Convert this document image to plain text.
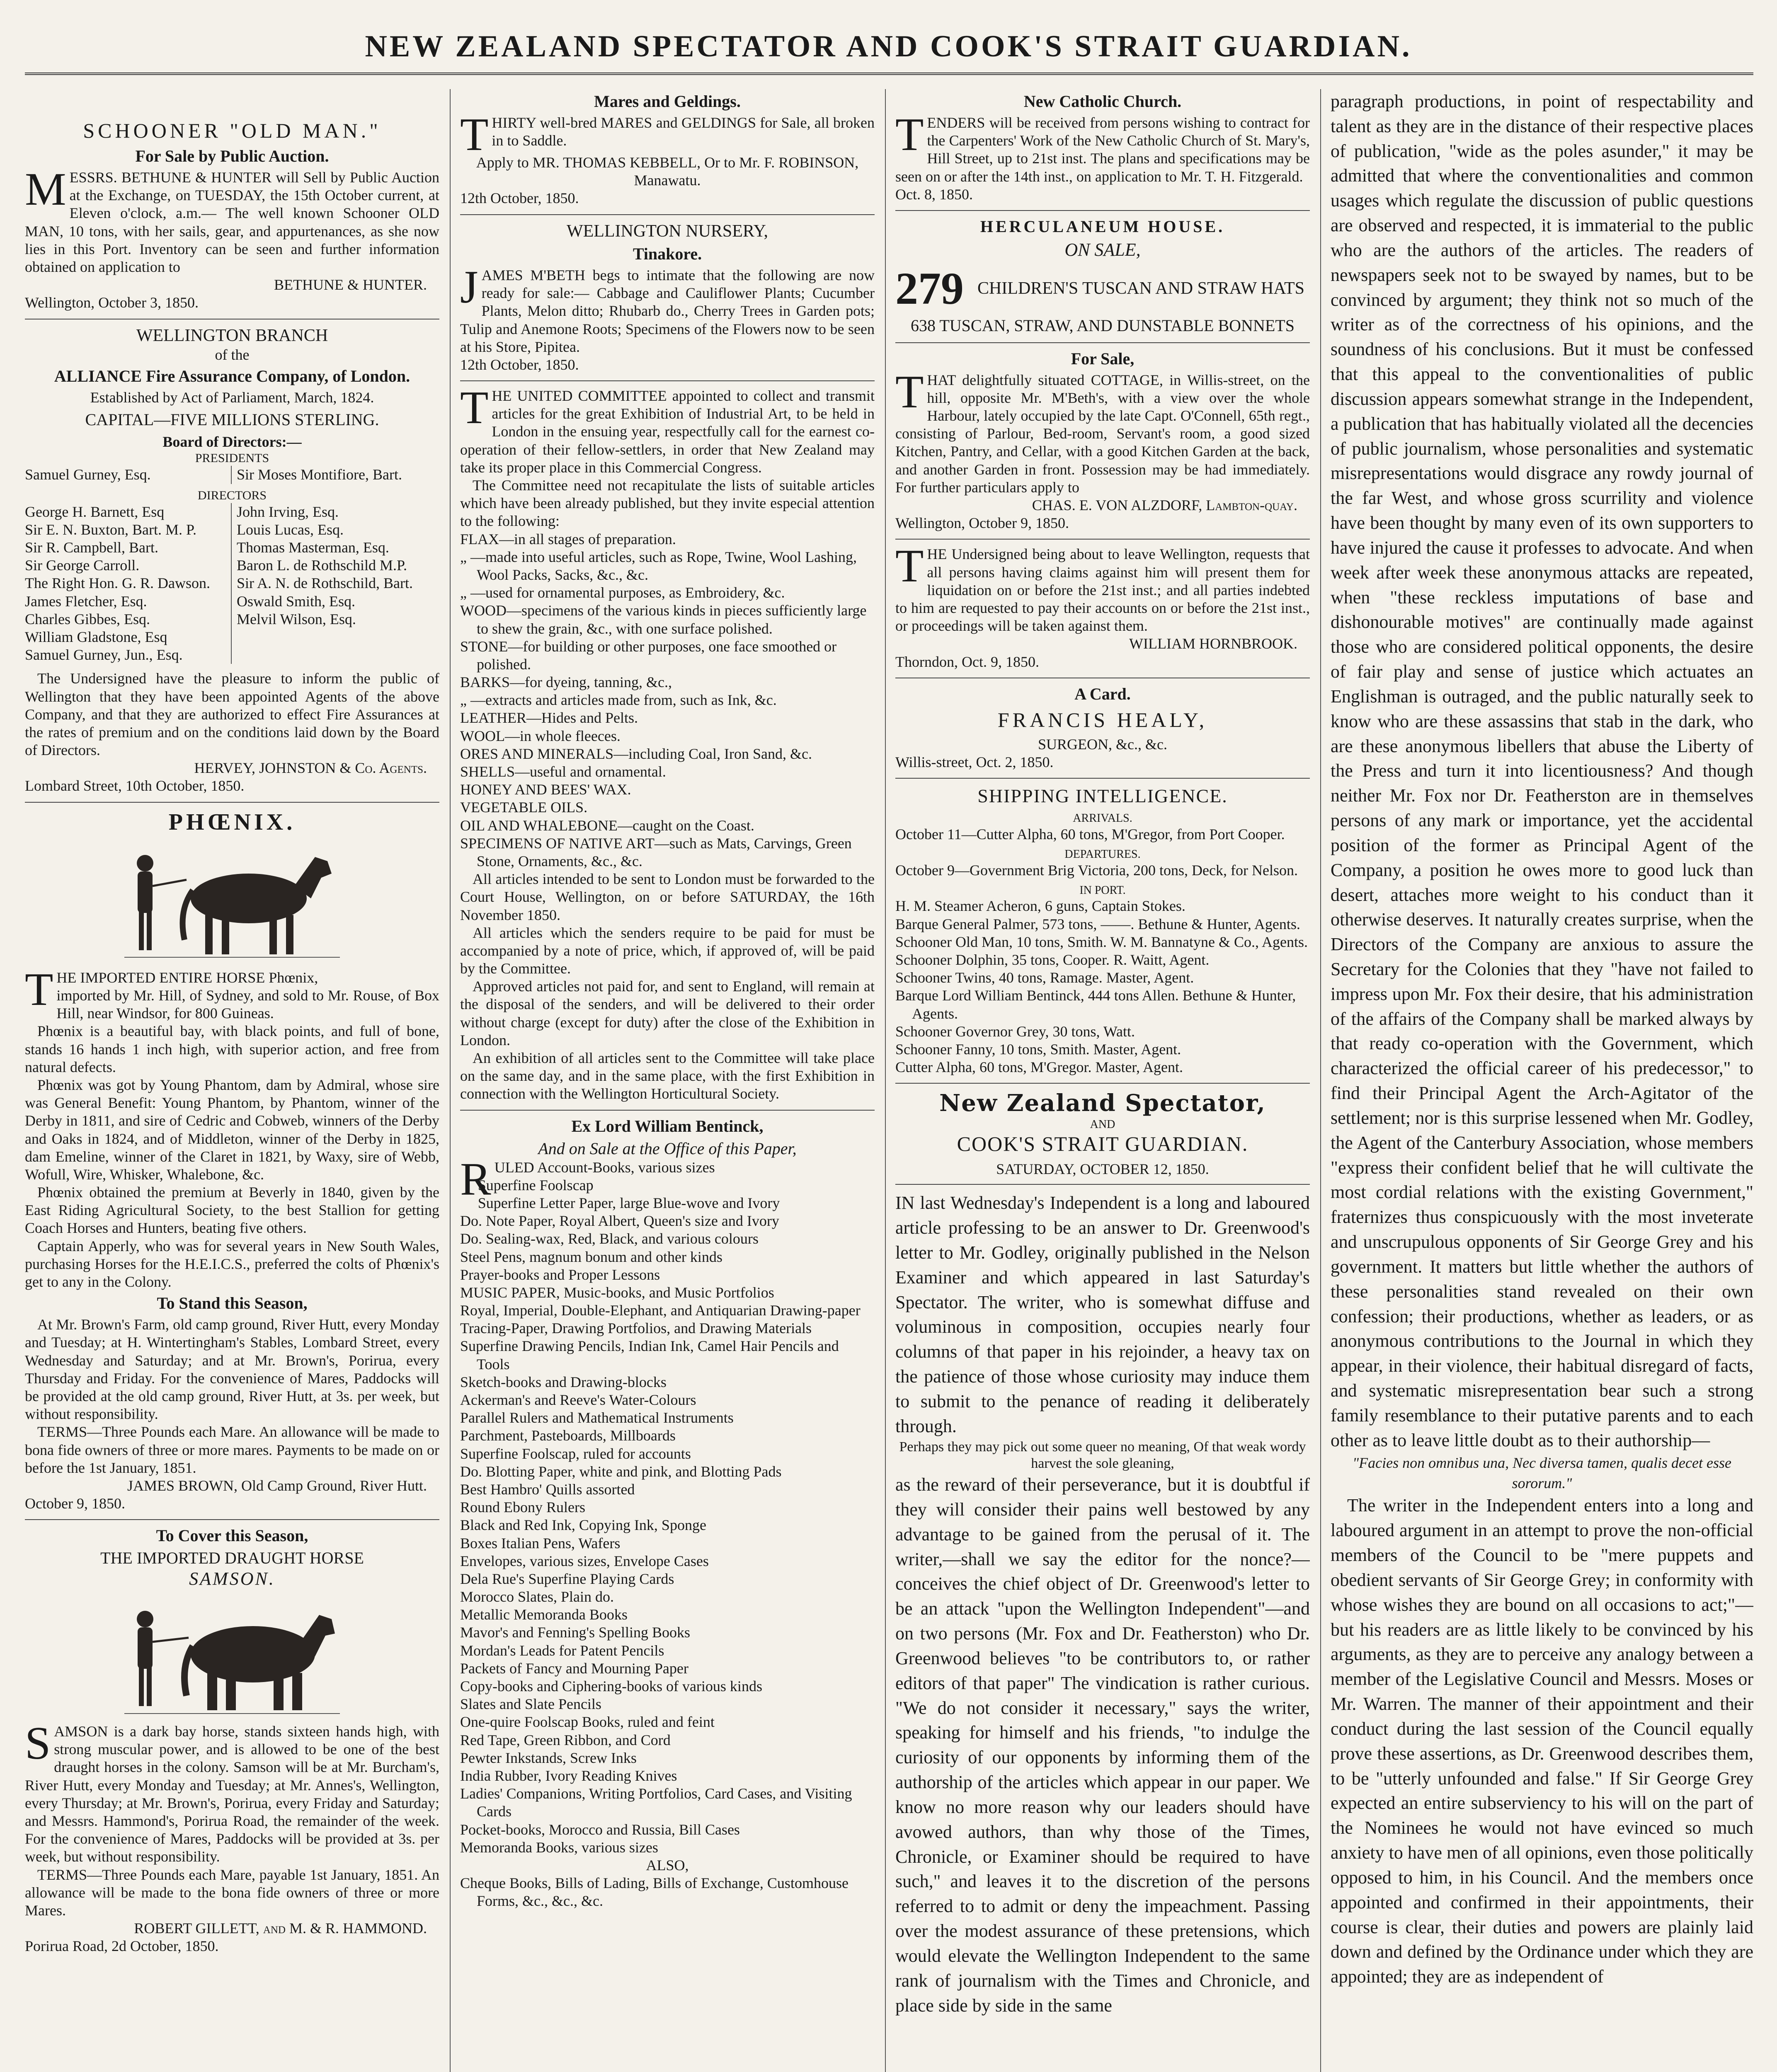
NEW ZEALAND SPECTATOR AND COOK'S STRAIT GUARDIAN.
SCHOONER "OLD MAN."
For Sale by Public Auction.
MESSRS. BETHUNE & HUNTER will Sell by Public Auction at the Exchange, on TUESDAY, the 15th October current, at Eleven o'clock, a.m.— The well known Schooner OLD MAN, 10 tons, with her sails, gear, and appurtenances, as she now lies in this Port. Inventory can be seen and further information obtained on application to
BETHUNE & HUNTER.
Wellington, October 3, 1850.
WELLINGTON BRANCH
of the
ALLIANCE Fire Assurance Company, of London.
Established by Act of Parliament, March, 1824.
CAPITAL—FIVE MILLIONS STERLING.
Board of Directors:—
PRESIDENTS
Samuel Gurney, Esq.	Sir Moses Montifiore, Bart.
DIRECTORS
George H. Barnett, Esq
Sir E. N. Buxton, Bart. M. P.
Sir R. Campbell, Bart.
Sir George Carroll.
The Right Hon. G. R. Dawson.
James Fletcher, Esq.
Charles Gibbes, Esq.
William Gladstone, Esq
Samuel Gurney, Jun., Esq.
John Irving, Esq.
Louis Lucas, Esq.
Thomas Masterman, Esq.
Baron L. de Rothschild M.P.
Sir A. N. de Rothschild, Bart.
Oswald Smith, Esq.
Melvil Wilson, Esq.
The Undersigned have the pleasure to inform the public of Wellington that they have been appointed Agents of the above Company, and that they are authorized to effect Fire Assurances at the rates of premium and on the conditions laid down by the Board of Directors.
HERVEY, JOHNSTON & Co. Agents.
Lombard Street, 10th October, 1850.
PHŒNIX.
THE IMPORTED ENTIRE HORSE Phœnix,
imported by Mr. Hill, of Sydney, and sold to Mr. Rouse, of Box Hill, near Windsor, for 800 Guineas.
Phœnix is a beautiful bay, with black points, and full of bone, stands 16 hands 1 inch high, with superior action, and free from natural defects.
Phœnix was got by Young Phantom, dam by Admiral, whose sire was General Benefit: Young Phantom, by Phantom, winner of the Derby in 1811, and sire of Cedric and Cobweb, winners of the Derby and Oaks in 1824, and of Middleton, winner of the Derby in 1825, dam Emeline, winner of the Claret in 1821, by Waxy, sire of Webb, Wofull, Wire, Whisker, Whalebone, &c.
Phœnix obtained the premium at Beverly in 1840, given by the East Riding Agricultural Society, to the best Stallion for getting Coach Horses and Hunters, beating five others.
Captain Apperly, who was for several years in New South Wales, purchasing Horses for the H.E.I.C.S., preferred the colts of Phœnix's get to any in the Colony.
To Stand this Season,
At Mr. Brown's Farm, old camp ground, River Hutt, every Monday and Tuesday; at H. Wintertingham's Stables, Lombard Street, every Wednesday and Saturday; and at Mr. Brown's, Porirua, every Thursday and Friday. For the convenience of Mares, Paddocks will be provided at the old camp ground, River Hutt, at 3s. per week, but without responsibility.
TERMS—Three Pounds each Mare. An allowance will be made to bona fide owners of three or more mares. Payments to be made on or before the 1st January, 1851.
JAMES BROWN, Old Camp Ground, River Hutt.
October 9, 1850.
To Cover this Season,
THE IMPORTED DRAUGHT HORSE
SAMSON.
SAMSON is a dark bay horse, stands sixteen hands high, with strong muscular power, and is allowed to be one of the best draught horses in the colony. Samson will be at Mr. Burcham's, River Hutt, every Monday and Tuesday; at Mr. Annes's, Wellington, every Thursday; at Mr. Brown's, Porirua, every Friday and Saturday; and Messrs. Hammond's, Porirua Road, the remainder of the week. For the convenience of Mares, Paddocks will be provided at 3s. per week, but without responsibility.
TERMS—Three Pounds each Mare, payable 1st January, 1851. An allowance will be made to the bona fide owners of three or more Mares.
ROBERT GILLETT, and M. & R. HAMMOND.
Porirua Road, 2d October, 1850.
Mares and Geldings.
THIRTY well-bred MARES and GELDINGS for Sale, all broken in to Saddle.
Apply to MR. THOMAS KEBBELL, Or to Mr. F. ROBINSON, Manawatu.
12th October, 1850.
WELLINGTON NURSERY,
Tinakore.
JAMES M'BETH begs to intimate that the following are now ready for sale:— Cabbage and Cauliflower Plants; Cucumber Plants, Melon ditto; Rhubarb do., Cherry Trees in Garden pots; Tulip and Anemone Roots; Specimens of the Flowers now to be seen at his Store, Pipitea.
12th October, 1850.
THE UNITED COMMITTEE appointed to collect and transmit articles for the great Exhibition of Industrial Art, to be held in London in the ensuing year, respectfully call for the earnest co-operation of their fellow-settlers, in order that New Zealand may take its proper place in this Commercial Congress.
The Committee need not recapitulate the lists of suitable articles which have been already published, but they invite especial attention to the following:

FLAX—in all stages of preparation.

„ —made into useful articles, such as Rope, Twine, Wool Lashing, Wool Packs, Sacks, &c., &c.

„ —used for ornamental purposes, as Embroidery, &c.

WOOD—specimens of the various kinds in pieces sufficiently large to shew the grain, &c., with one surface polished.

STONE—for building or other purposes, one face smoothed or polished.

BARKS—for dyeing, tanning, &c.,

„ —extracts and articles made from, such as Ink, &c.

LEATHER—Hides and Pelts.

WOOL—in whole fleeces.

ORES AND MINERALS—including Coal, Iron Sand, &c.

SHELLS—useful and ornamental.

HONEY AND BEES' WAX.

VEGETABLE OILS.

OIL AND WHALEBONE—caught on the Coast.

SPECIMENS OF NATIVE ART—such as Mats, Carvings, Green Stone, Ornaments, &c., &c.

All articles intended to be sent to London must be forwarded to the Court House, Wellington, on or before SATURDAY, the 16th November 1850.
All articles which the senders require to be paid for must be accompanied by a note of price, which, if approved of, will be paid by the Committee.
Approved articles not paid for, and sent to England, will remain at the disposal of the senders, and will be delivered to their order without charge (except for duty) after the close of the Exhibition in London.
An exhibition of all articles sent to the Committee will take place on the same day, and in the same place, with the first Exhibition in connection with the Wellington Horticultural Society.
Ex Lord William Bentinck,
And on Sale at the Office of this Paper,
RULED Account-Books, various sizes

Superfine Foolscap

Superfine Letter Paper, large Blue-wove and Ivory

Do. Note Paper, Royal Albert, Queen's size and Ivory

Do. Sealing-wax, Red, Black, and various colours

Steel Pens, magnum bonum and other kinds

Prayer-books and Proper Lessons

MUSIC PAPER, Music-books, and Music Portfolios

Royal, Imperial, Double-Elephant, and Antiquarian Drawing-paper

Tracing-Paper, Drawing Portfolios, and Drawing Materials

Superfine Drawing Pencils, Indian Ink, Camel Hair Pencils and Tools

Sketch-books and Drawing-blocks

Ackerman's and Reeve's Water-Colours

Parallel Rulers and Mathematical Instruments

Parchment, Pasteboards, Millboards

Superfine Foolscap, ruled for accounts

Do. Blotting Paper, white and pink, and Blotting Pads

Best Hambro' Quills assorted

Round Ebony Rulers

Black and Red Ink, Copying Ink, Sponge

Boxes Italian Pens, Wafers

Envelopes, various sizes, Envelope Cases

Dela Rue's Superfine Playing Cards

Morocco Slates, Plain do.

Metallic Memoranda Books

Mavor's and Fenning's Spelling Books

Mordan's Leads for Patent Pencils

Packets of Fancy and Mourning Paper

Copy-books and Ciphering-books of various kinds

Slates and Slate Pencils

One-quire Foolscap Books, ruled and feint

Red Tape, Green Ribbon, and Cord

Pewter Inkstands, Screw Inks

India Rubber, Ivory Reading Knives

Ladies' Companions, Writing Portfolios, Card Cases, and Visiting Cards

Pocket-books, Morocco and Russia, Bill Cases

Memoranda Books, various sizes

ALSO,

Cheque Books, Bills of Lading, Bills of Exchange, Customhouse Forms, &c., &c., &c.

New Catholic Church.
TENDERS will be received from persons wishing to contract for the Carpenters' Work of the New Catholic Church of St. Mary's, Hill Street, up to 21st inst. The plans and specifications may be seen on or after the 14th inst., on application to Mr. T. H. Fitzgerald.
Oct. 8, 1850.
HERCULANEUM HOUSE.
ON SALE,
279 CHILDREN'S TUSCAN AND STRAW HATS
638 TUSCAN, STRAW, AND DUNSTABLE BONNETS
For Sale,
THAT delightfully situated COTTAGE, in Willis-street, on the hill, opposite Mr. M'Beth's, with a view over the whole Harbour, lately occupied by the late Capt. O'Connell, 65th regt., consisting of Parlour, Bed-room, Servant's room, a good sized Kitchen, Pantry, and Cellar, with a good Kitchen Garden at the back, and another Garden in front. Possession may be had immediately. For further particulars apply to
CHAS. E. VON ALZDORF, Lambton-quay.
Wellington, October 9, 1850.
THE Undersigned being about to leave Wellington, requests that all persons having claims against him will present them for liquidation on or before the 21st inst.; and all parties indebted to him are requested to pay their accounts on or before the 21st inst., or proceedings will be taken against them.
WILLIAM HORNBROOK.
Thorndon, Oct. 9, 1850.
A Card.
FRANCIS HEALY,
SURGEON, &c., &c.
Willis-street, Oct. 2, 1850.
SHIPPING INTELLIGENCE.
ARRIVALS.

October 11—Cutter Alpha, 60 tons, M'Gregor, from Port Cooper.

DEPARTURES.

October 9—Government Brig Victoria, 200 tons, Deck, for Nelson.

IN PORT.

H. M. Steamer Acheron, 6 guns, Captain Stokes.

Barque General Palmer, 573 tons, ——. Bethune & Hunter, Agents.

Schooner Old Man, 10 tons, Smith. W. M. Bannatyne & Co., Agents.

Schooner Dolphin, 35 tons, Cooper. R. Waitt, Agent.

Schooner Twins, 40 tons, Ramage. Master, Agent.

Barque Lord William Bentinck, 444 tons Allen. Bethune & Hunter, Agents.

Schooner Governor Grey, 30 tons, Watt.

Schooner Fanny, 10 tons, Smith. Master, Agent.

Cutter Alpha, 60 tons, M'Gregor. Master, Agent.

New Zealand Spectator,
AND
COOK'S STRAIT GUARDIAN.
SATURDAY, OCTOBER 12, 1850.
IN last Wednesday's Independent is a long and laboured article professing to be an answer to Dr. Greenwood's letter to Mr. Godley, originally published in the Nelson Examiner and which appeared in last Saturday's Spectator. The writer, who is somewhat diffuse and voluminous in composition, occupies nearly four columns of that paper in his rejoinder, a heavy tax on the patience of those whose curiosity may induce them to submit to the penance of reading it deliberately through.
Perhaps they may pick out some queer no meaning, Of that weak wordy harvest the sole gleaning,
as the reward of their perseverance, but it is doubtful if they will consider their pains well bestowed by any advantage to be gained from the perusal of it. The writer,—shall we say the editor for the nonce?—conceives the chief object of Dr. Greenwood's letter to be an attack "upon the Wellington Independent"—and on two persons (Mr. Fox and Dr. Featherston) who Dr. Greenwood believes "to be contributors to, or rather editors of that paper" The vindication is rather curious. "We do not consider it necessary," says the writer, speaking for himself and his friends, "to indulge the curiosity of our opponents by informing them of the authorship of the articles which appear in our paper. We know no more reason why our leaders should have avowed authors, than why those of the Times, Chronicle, or Examiner should be required to have such," and leaves it to the discretion of the persons referred to to admit or deny the impeachment. Passing over the modest assurance of these pretensions, which would elevate the Wellington Independent to the same rank of journalism with the Times and Chronicle, and place side by side in the same

paragraph productions, in point of respectability and talent as they are in the distance of their respective places of publication, "wide as the poles asunder," it may be admitted that where the conventionalities and common usages which regulate the discussion of public questions are observed and respected, it is immaterial to the public who are the authors of the articles. The readers of newspapers seek not to be swayed by names, but to be convinced by argument; they think not so much of the writer as of the correctness of his opinions, and the soundness of his conclusions. But it must be confessed that this appeal to the conventionalities of public discussion appears somewhat strange in the Independent, a publication that has habitually violated all the decencies of public journalism, whose personalities and systematic misrepresentations would disgrace any rowdy journal of the far West, and whose gross scurrility and violence have been thought by many even of its own supporters to have injured the cause it professes to advocate. And when week after week these anonymous attacks are repeated, when "these reckless imputations of base and dishonourable motives" are continually made against those who are considered political opponents, the desire of fair play and sense of justice which actuates an Englishman is outraged, and the public naturally seek to know who are these assassins that stab in the dark, who are these anonymous libellers that abuse the Liberty of the Press and turn it into licentiousness? And though neither Mr. Fox nor Dr. Featherston are in themselves persons of any mark or importance, yet the accidental position of the former as Principal Agent of the Company, a position he owes more to good luck than desert, attaches more weight to his conduct than it otherwise deserves. It naturally creates surprise, when the Directors of the Company are anxious to assure the Secretary for the Colonies that they "have not failed to impress upon Mr. Fox their desire, that his administration of the affairs of the Company shall be marked always by that ready co-operation with the Government, which characterized the official career of his predecessor," to find their Principal Agent the Arch-Agitator of the settlement; nor is this surprise lessened when Mr. Godley, the Agent of the Canterbury Association, whose members "express their confident belief that he will cultivate the most cordial relations with the existing Government," fraternizes thus conspicuously with the most inveterate and unscrupulous opponents of Sir George Grey and his government. It matters but little whether the authors of these personalities stand revealed on their own confession; their productions, whether as leaders, or as anonymous contributions to the Journal in which they appear, in their violence, their habitual disregard of facts, and systematic misrepresentation bear such a strong family resemblance to their putative parents and to each other as to leave little doubt as to their authorship—

"Facies non omnibus una, Nec diversa tamen, qualis decet esse sororum."

The writer in the Independent enters into a long and laboured argument in an attempt to prove the non-official members of the Council to be "mere puppets and obedient servants of Sir George Grey; in conformity with whose wishes they are bound on all occasions to act;"—but his readers are as little likely to be convinced by his arguments, as they are to perceive any analogy between a member of the Legislative Council and Messrs. Moses or Mr. Warren. The manner of their appointment and their conduct during the last session of the Council equally prove these assertions, as Dr. Greenwood describes them, to be "utterly unfounded and false." If Sir George Grey expected an entire subserviency to his will on the part of the Nominees he would not have evinced so much anxiety to have men of all opinions, even those politically opposed to him, in his Council. And the members once appointed and confirmed in their appointments, their course is clear, their duties and powers are plainly laid down and defined by the Ordinance under which they are appointed; they are as independent of
